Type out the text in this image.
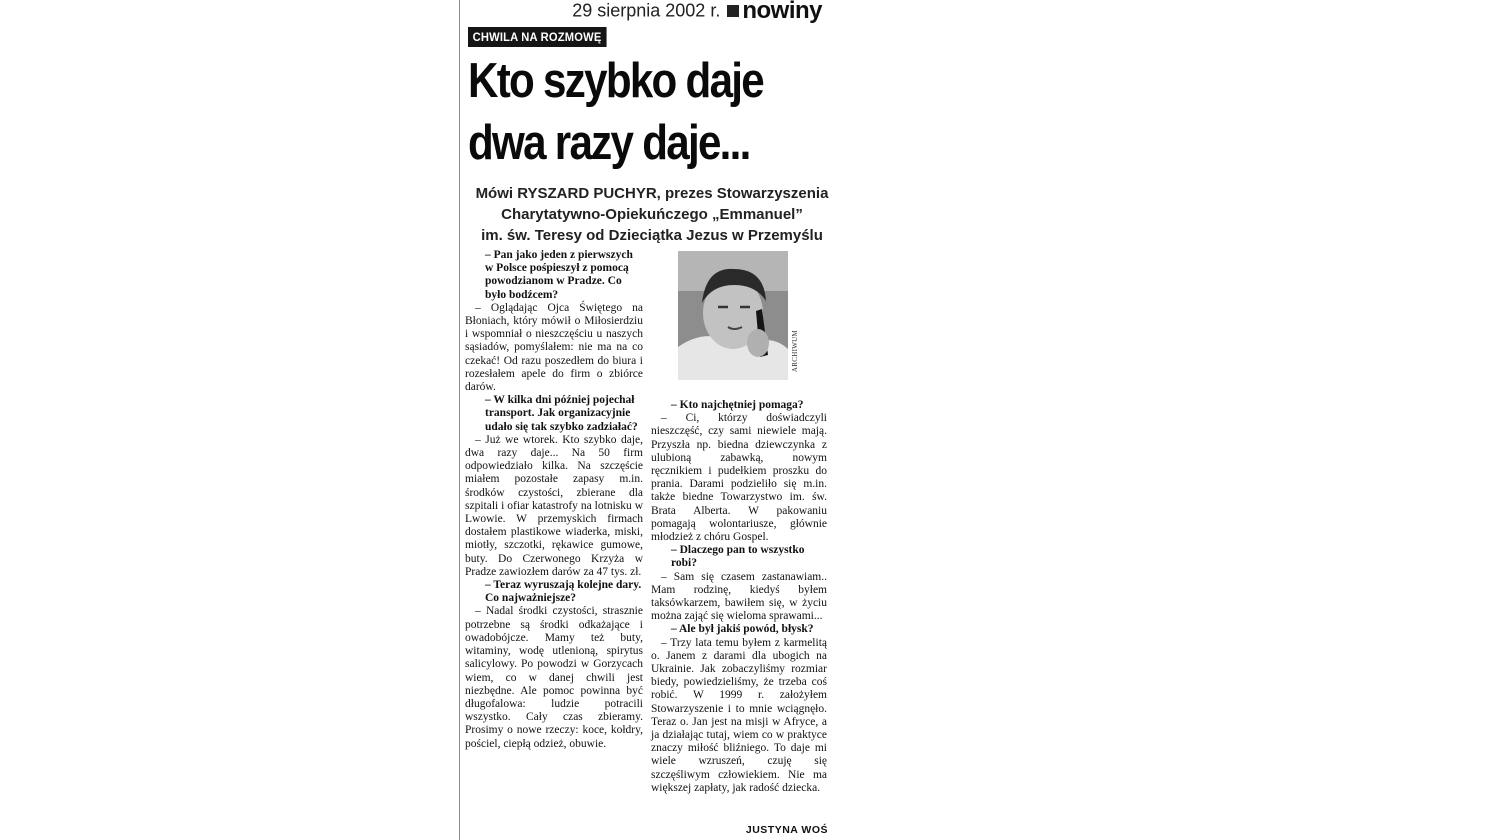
29 sierpnia 2002 r. nowiny
CHWILA NA ROZMOWĘ
Kto szybko daje
dwa razy daje...
Mówi RYSZARD PUCHYR, prezes Stowarzyszenia
Charytatywno-Opiekuńczego „Emmanuel”
im. św. Teresy od Dzieciątka Jezus w Przemyślu

– Pan jako jeden z pierwszych w Polsce pośpieszył z pomocą powodzianom w Pradze. Co było bodźcem?

– Oglądając Ojca Świętego na Błoniach, który mówił o Miłosierdziu i wspomniał o nieszczęściu u naszych sąsiadów, pomyślałem: nie ma na co czekać! Od razu poszedłem do biura i rozesłałem apele do firm o zbiórce darów.

– W kilka dni później pojechał transport. Jak organizacyjnie udało się tak szybko zadziałać?

– Już we wtorek. Kto szybko daje, dwa razy daje... Na 50 firm odpowiedziało kilka. Na szczęście miałem pozostałe zapasy m.in. środków czystości, zbierane dla szpitali i ofiar katastrofy na lotnisku w Lwowie. W przemyskich firmach dostałem plastikowe wiaderka, miski, miotły, szczotki, rękawice gumowe, buty. Do Czerwonego Krzyża w Pradze zawiozłem darów za 47 tys. zł.

– Teraz wyruszają kolejne dary. Co najważniejsze?

– Nadal środki czystości, strasznie potrzebne są środki odkażające i owadobójcze. Mamy też buty, witaminy, wodę utlenioną, spirytus salicylowy. Po powodzi w Gorzycach wiem, co w danej chwili jest niezbędne. Ale pomoc powinna być długofalowa: ludzie potracili wszystko. Cały czas zbieramy. Prosimy o nowe rzeczy: koce, kołdry, pościel, ciepłą odzież, obuwie.

ARCHIWUM

– Kto najchętniej pomaga?

– Ci, którzy doświadczyli nieszczęść, czy sami niewiele mają. Przyszła np. biedna dziewczynka z ulubioną zabawką, nowym ręcznikiem i pudełkiem proszku do prania. Darami podzieliło się m.in. także biedne Towarzystwo im. św. Brata Alberta. W pakowaniu pomagają wolontariusze, głównie młodzież z chóru Gospel.

– Dlaczego pan to wszystko robi?

– Sam się czasem zastanawiam.. Mam rodzinę, kiedyś byłem taksówkarzem, bawiłem się, w życiu można zająć się wieloma sprawami...

– Ale był jakiś powód, błysk?

– Trzy lata temu byłem z karmelitą o. Janem z darami dla ubogich na Ukrainie. Jak zobaczyliśmy rozmiar biedy, powiedzieliśmy, że trzeba coś robić. W 1999 r. założyłem Stowarzyszenie i to mnie wciągnęło. Teraz o. Jan jest na misji w Afryce, a ja działając tutaj, wiem co w praktyce znaczy miłość bliźniego. To daje mi wiele wzruszeń, czuję się szczęśliwym człowiekiem. Nie ma większej zapłaty, jak radość dziecka.

JUSTYNA WOŚ
